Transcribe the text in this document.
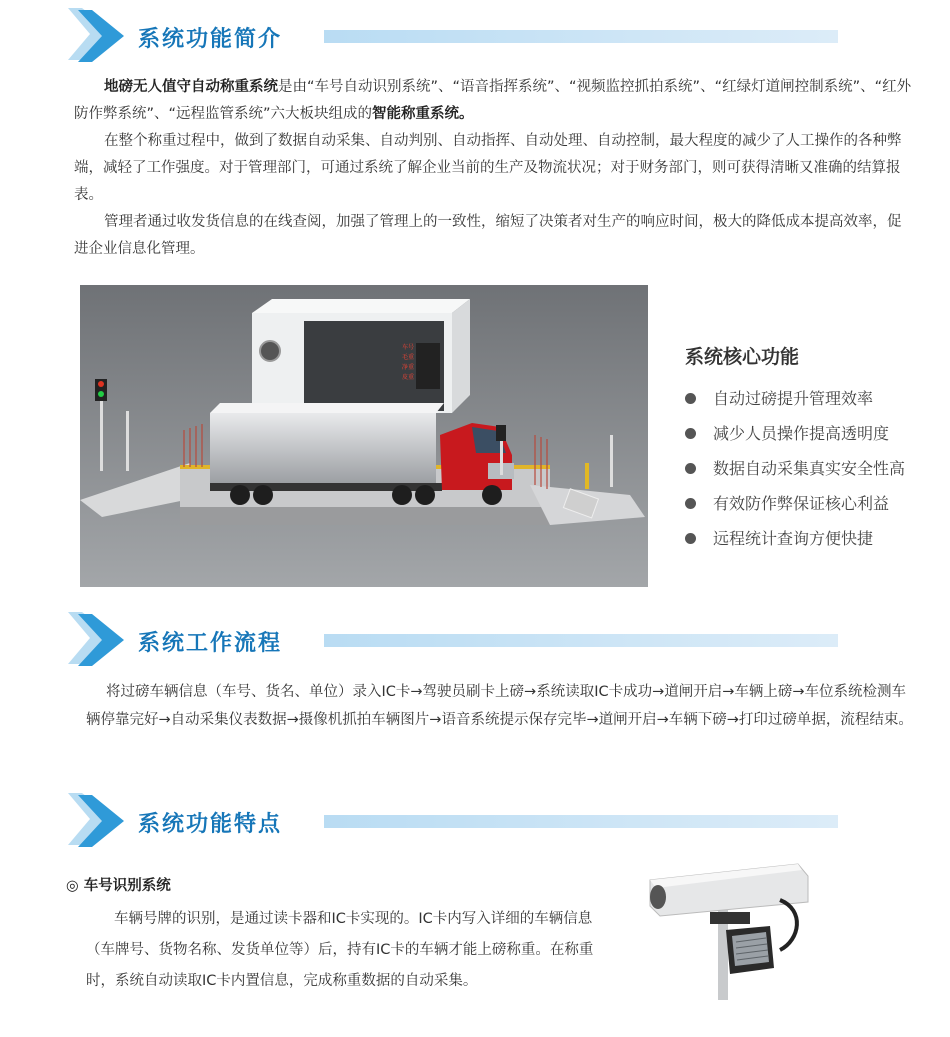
系统功能简介

地磅无人值守自动称重系统是由“车号自动识别系统”、“语音指挥系统”、“视频监控抓拍系统”、“红绿灯道闸控制系统”、“红外防作弊系统”、“远程监管系统”六大板块组成的智能称重系统。

在整个称重过程中，做到了数据自动采集、自动判别、自动指挥、自动处理、自动控制，最大程度的减少了人工操作的各种弊端，减轻了工作强度。对于管理部门，可通过系统了解企业当前的生产及物流状况；对于财务部门，则可获得清晰又准确的结算报表。

管理者通过收发货信息的在线查阅，加强了管理上的一致性，缩短了决策者对生产的响应时间，极大的降低成本提高效率，促进企业信息化管理。

车号
毛重
净重
皮重
系统核心功能
自动过磅提升管理效率
减少人员操作提高透明度
数据自动采集真实安全性高
有效防作弊保证核心利益
远程统计查询方便快捷
系统工作流程

将过磅车辆信息（车号、货名、单位）录入IC卡→驾驶员刷卡上磅→系统读取IC卡成功→道闸开启→车辆上磅→车位系统检测车辆停靠完好→自动采集仪表数据→摄像机抓拍车辆图片→语音系统提示保存完毕→道闸开启→车辆下磅→打印过磅单据，流程结束。

系统功能特点
◎ 车号识别系统

车辆号牌的识别，是通过读卡器和IC卡实现的。IC卡内写入详细的车辆信息（车牌号、货物名称、发货单位等）后，持有IC卡的车辆才能上磅称重。在称重时，系统自动读取IC卡内置信息，完成称重数据的自动采集。
